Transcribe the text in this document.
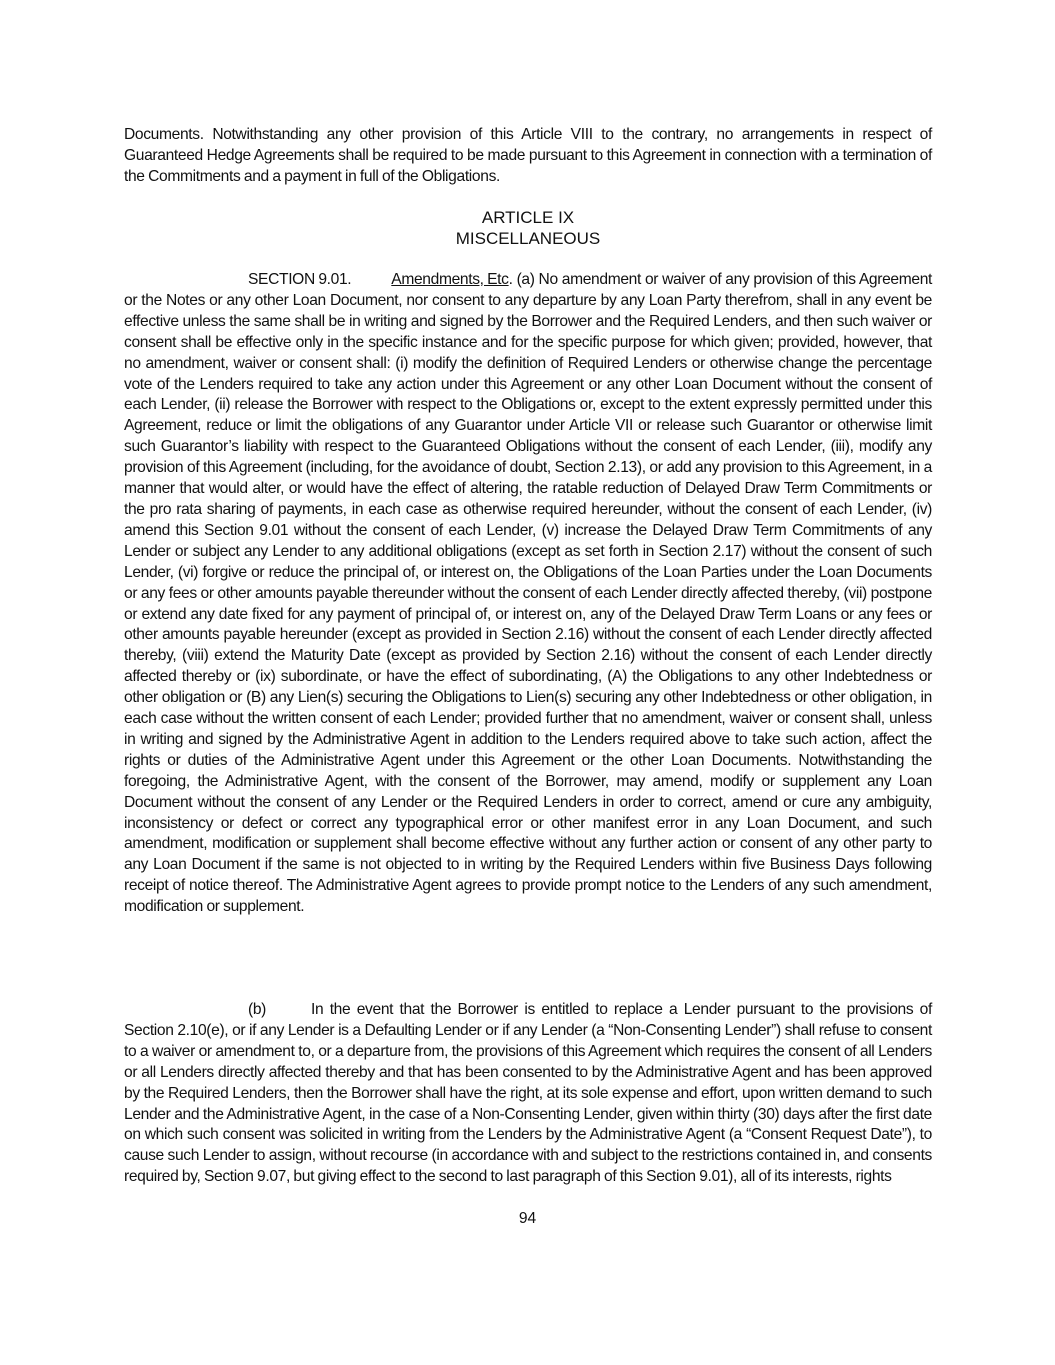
Documents. Notwithstanding any other provision of this Article VIII to the contrary, no arrangements in respect of Guaranteed Hedge Agreements shall be required to be made pursuant to this Agreement in connection with a termination of the Commitments and a payment in full of the Obligations.

ARTICLE IX
MISCELLANEOUS

SECTION 9.01.	Amendments, Etc. (a) No amendment or waiver of any provision of this Agreement or the Notes or any other Loan Document, nor consent to any departure by any Loan Party therefrom, shall in any event be effective unless the same shall be in writing and signed by the Borrower and the Required Lenders, and then such waiver or consent shall be effective only in the specific instance and for the specific purpose for which given; provided, however, that no amendment, waiver or consent shall: (i) modify the definition of Required Lenders or otherwise change the percentage vote of the Lenders required to take any action under this Agreement or any other Loan Document without the consent of each Lender, (ii) release the Borrower with respect to the Obligations or, except to the extent expressly permitted under this Agreement, reduce or limit the obligations of any Guarantor under Article VII or release such Guarantor or otherwise limit such Guarantor’s liability with respect to the Guaranteed Obligations without the consent of each Lender, (iii), modify any provision of this Agreement (including, for the avoidance of doubt, Section 2.13), or add any provision to this Agreement, in a manner that would alter, or would have the effect of altering, the ratable reduction of Delayed Draw Term Commitments or the pro rata sharing of payments, in each case as otherwise required hereunder, without the consent of each Lender, (iv) amend this Section 9.01 without the consent of each Lender, (v) increase the Delayed Draw Term Commitments of any Lender or subject any Lender to any additional obligations (except as set forth in Section 2.17) without the consent of such Lender, (vi) forgive or reduce the principal of, or interest on, the Obligations of the Loan Parties under the Loan Documents or any fees or other amounts payable thereunder without the consent of each Lender directly affected thereby, (vii) postpone or extend any date fixed for any payment of principal of, or interest on, any of the Delayed Draw Term Loans or any fees or other amounts payable hereunder (except as provided in Section 2.16) without the consent of each Lender directly affected thereby, (viii) extend the Maturity Date (except as provided by Section 2.16) without the consent of each Lender directly affected thereby or (ix) subordinate, or have the effect of subordinating, (A) the Obligations to any other Indebtedness or other obligation or (B) any Lien(s) securing the Obligations to Lien(s) securing any other Indebtedness or other obligation, in each case without the written consent of each Lender; provided further that no amendment, waiver or consent shall, unless in writing and signed by the Administrative Agent in addition to the Lenders required above to take such action, affect the rights or duties of the Administrative Agent under this Agreement or the other Loan Documents. Notwithstanding the foregoing, the Administrative Agent, with the consent of the Borrower, may amend, modify or supplement any Loan Document without the consent of any Lender or the Required Lenders in order to correct, amend or cure any ambiguity, inconsistency or defect or correct any typographical error or other manifest error in any Loan Document, and such amendment, modification or supplement shall become effective without any further action or consent of any other party to any Loan Document if the same is not objected to in writing by the Required Lenders within five Business Days following receipt of notice thereof. The Administrative Agent agrees to provide prompt notice to the Lenders of any such amendment, modification or supplement.

(b)	In the event that the Borrower is entitled to replace a Lender pursuant to the provisions of Section 2.10(e), or if any Lender is a Defaulting Lender or if any Lender (a “Non-Consenting Lender”) shall refuse to consent to a waiver or amendment to, or a departure from, the provisions of this Agreement which requires the consent of all Lenders or all Lenders directly affected thereby and that has been consented to by the Administrative Agent and has been approved by the Required Lenders, then the Borrower shall have the right, at its sole expense and effort, upon written demand to such Lender and the Administrative Agent, in the case of a Non-Consenting Lender, given within thirty (30) days after the first date on which such consent was solicited in writing from the Lenders by the Administrative Agent (a “Consent Request Date”), to cause such Lender to assign, without recourse (in accordance with and subject to the restrictions contained in, and consents required by, Section 9.07, but giving effect to the second to last paragraph of this Section 9.01), all of its interests, rights

94
